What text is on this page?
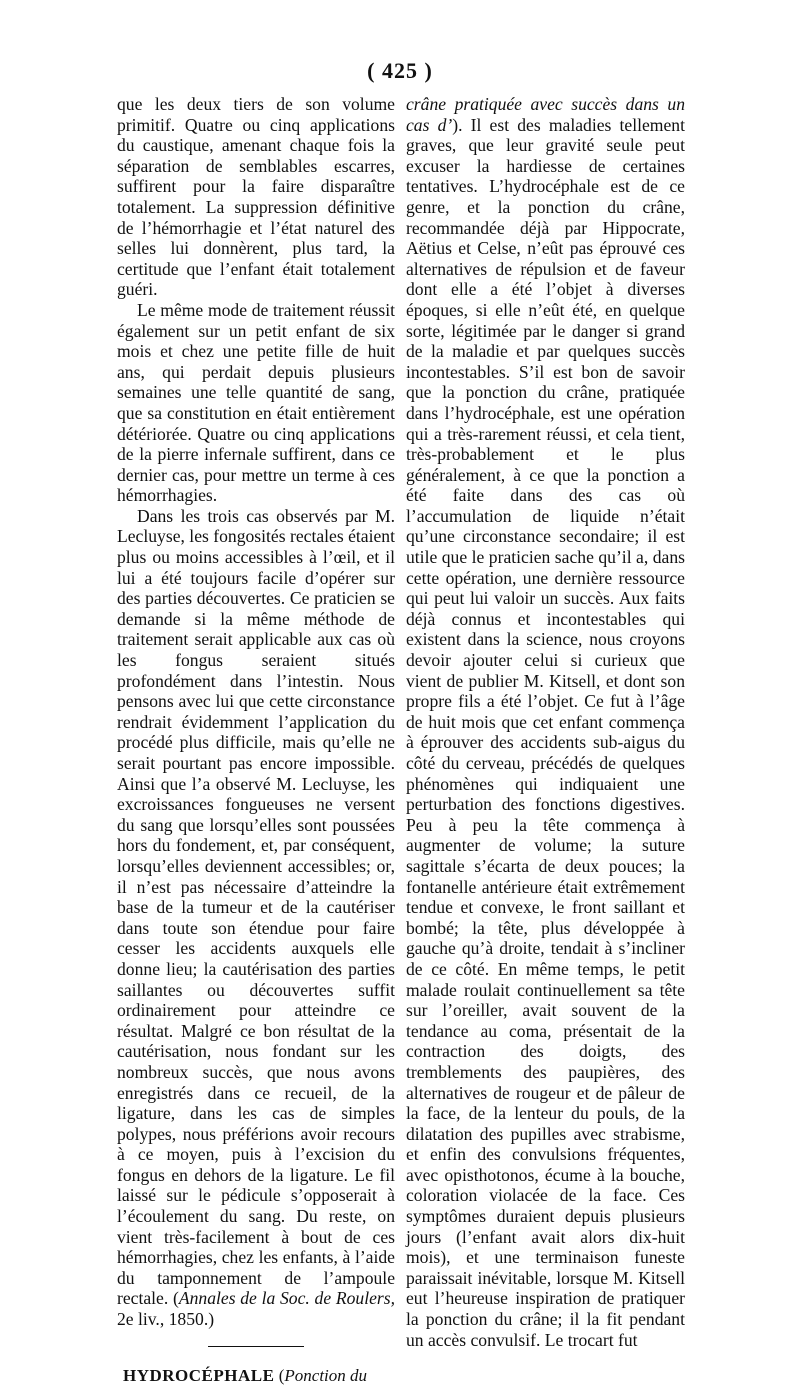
( 425 )

que les deux tiers de son volume primitif. Quatre ou cinq applications du caustique, amenant chaque fois la séparation de semblables escarres, suffirent pour la faire disparaître totalement. La suppression définitive de l’hémorrhagie et l’état naturel des selles lui donnèrent, plus tard, la certitude que l’enfant était totalement guéri.

Le même mode de traitement réussit également sur un petit enfant de six mois et chez une petite fille de huit ans, qui perdait depuis plusieurs semaines une telle quantité de sang, que sa constitution en était entièrement détériorée. Quatre ou cinq applications de la pierre infernale suffirent, dans ce dernier cas, pour mettre un terme à ces hémorrhagies.

Dans les trois cas observés par M. Lecluyse, les fongosités rectales étaient plus ou moins accessibles à l’œil, et il lui a été toujours facile d’opérer sur des parties découvertes. Ce praticien se demande si la même méthode de traitement serait applicable aux cas où les fongus seraient situés profondément dans l’intestin. Nous pensons avec lui que cette circonstance rendrait évidemment l’application du procédé plus difficile, mais qu’elle ne serait pourtant pas encore impossible. Ainsi que l’a observé M. Lecluyse, les excroissances fongueuses ne versent du sang que lorsqu’elles sont poussées hors du fondement, et, par conséquent, lorsqu’elles deviennent accessibles; or, il n’est pas nécessaire d’atteindre la base de la tumeur et de la cautériser dans toute son étendue pour faire cesser les accidents auxquels elle donne lieu; la cautérisation des parties saillantes ou découvertes suffit ordinairement pour atteindre ce résultat. Malgré ce bon résultat de la cautérisation, nous fondant sur les nombreux succès, que nous avons enregistrés dans ce recueil, de la ligature, dans les cas de simples polypes, nous préférions avoir recours à ce moyen, puis à l’excision du fongus en dehors de la ligature. Le fil laissé sur le pédicule s’opposerait à l’écoulement du sang. Du reste, on vient très-facilement à bout de ces hémorrhagies, chez les enfants, à l’aide du tamponnement de l’ampoule rectale. (Annales de la Soc. de Roulers, 2e liv., 1850.)

HYDROCÉPHALE (Ponction du

crâne pratiquée avec succès dans un cas d’). Il est des maladies tellement graves, que leur gravité seule peut excuser la hardiesse de certaines tentatives. L’hydrocéphale est de ce genre, et la ponction du crâne, recommandée déjà par Hippocrate, Aëtius et Celse, n’eût pas éprouvé ces alternatives de répulsion et de faveur dont elle a été l’objet à diverses époques, si elle n’eût été, en quelque sorte, légitimée par le danger si grand de la maladie et par quelques succès incontestables. S’il est bon de savoir que la ponction du crâne, pratiquée dans l’hydrocéphale, est une opération qui a très-rarement réussi, et cela tient, très-probablement et le plus généralement, à ce que la ponction a été faite dans des cas où l’accumulation de liquide n’était qu’une circonstance secondaire; il est utile que le praticien sache qu’il a, dans cette opération, une dernière ressource qui peut lui valoir un succès. Aux faits déjà connus et incontestables qui existent dans la science, nous croyons devoir ajouter celui si curieux que vient de publier M. Kitsell, et dont son propre fils a été l’objet. Ce fut à l’âge de huit mois que cet enfant commença à éprouver des accidents sub-aigus du côté du cerveau, précédés de quelques phénomènes qui indiquaient une perturbation des fonctions digestives. Peu à peu la tête commença à augmenter de volume; la suture sagittale s’écarta de deux pouces; la fontanelle antérieure était extrêmement tendue et convexe, le front saillant et bombé; la tête, plus développée à gauche qu’à droite, tendait à s’incliner de ce côté. En même temps, le petit malade roulait continuellement sa tête sur l’oreiller, avait souvent de la tendance au coma, présentait de la contraction des doigts, des tremblements des paupières, des alternatives de rougeur et de pâleur de la face, de la lenteur du pouls, de la dilatation des pupilles avec strabisme, et enfin des convulsions fréquentes, avec opisthotonos, écume à la bouche, coloration violacée de la face. Ces symptômes duraient depuis plusieurs jours (l’enfant avait alors dix-huit mois), et une terminaison funeste paraissait inévitable, lorsque M. Kitsell eut l’heureuse inspiration de pratiquer la ponction du crâne; il la fit pendant un accès convulsif. Le trocart fut
